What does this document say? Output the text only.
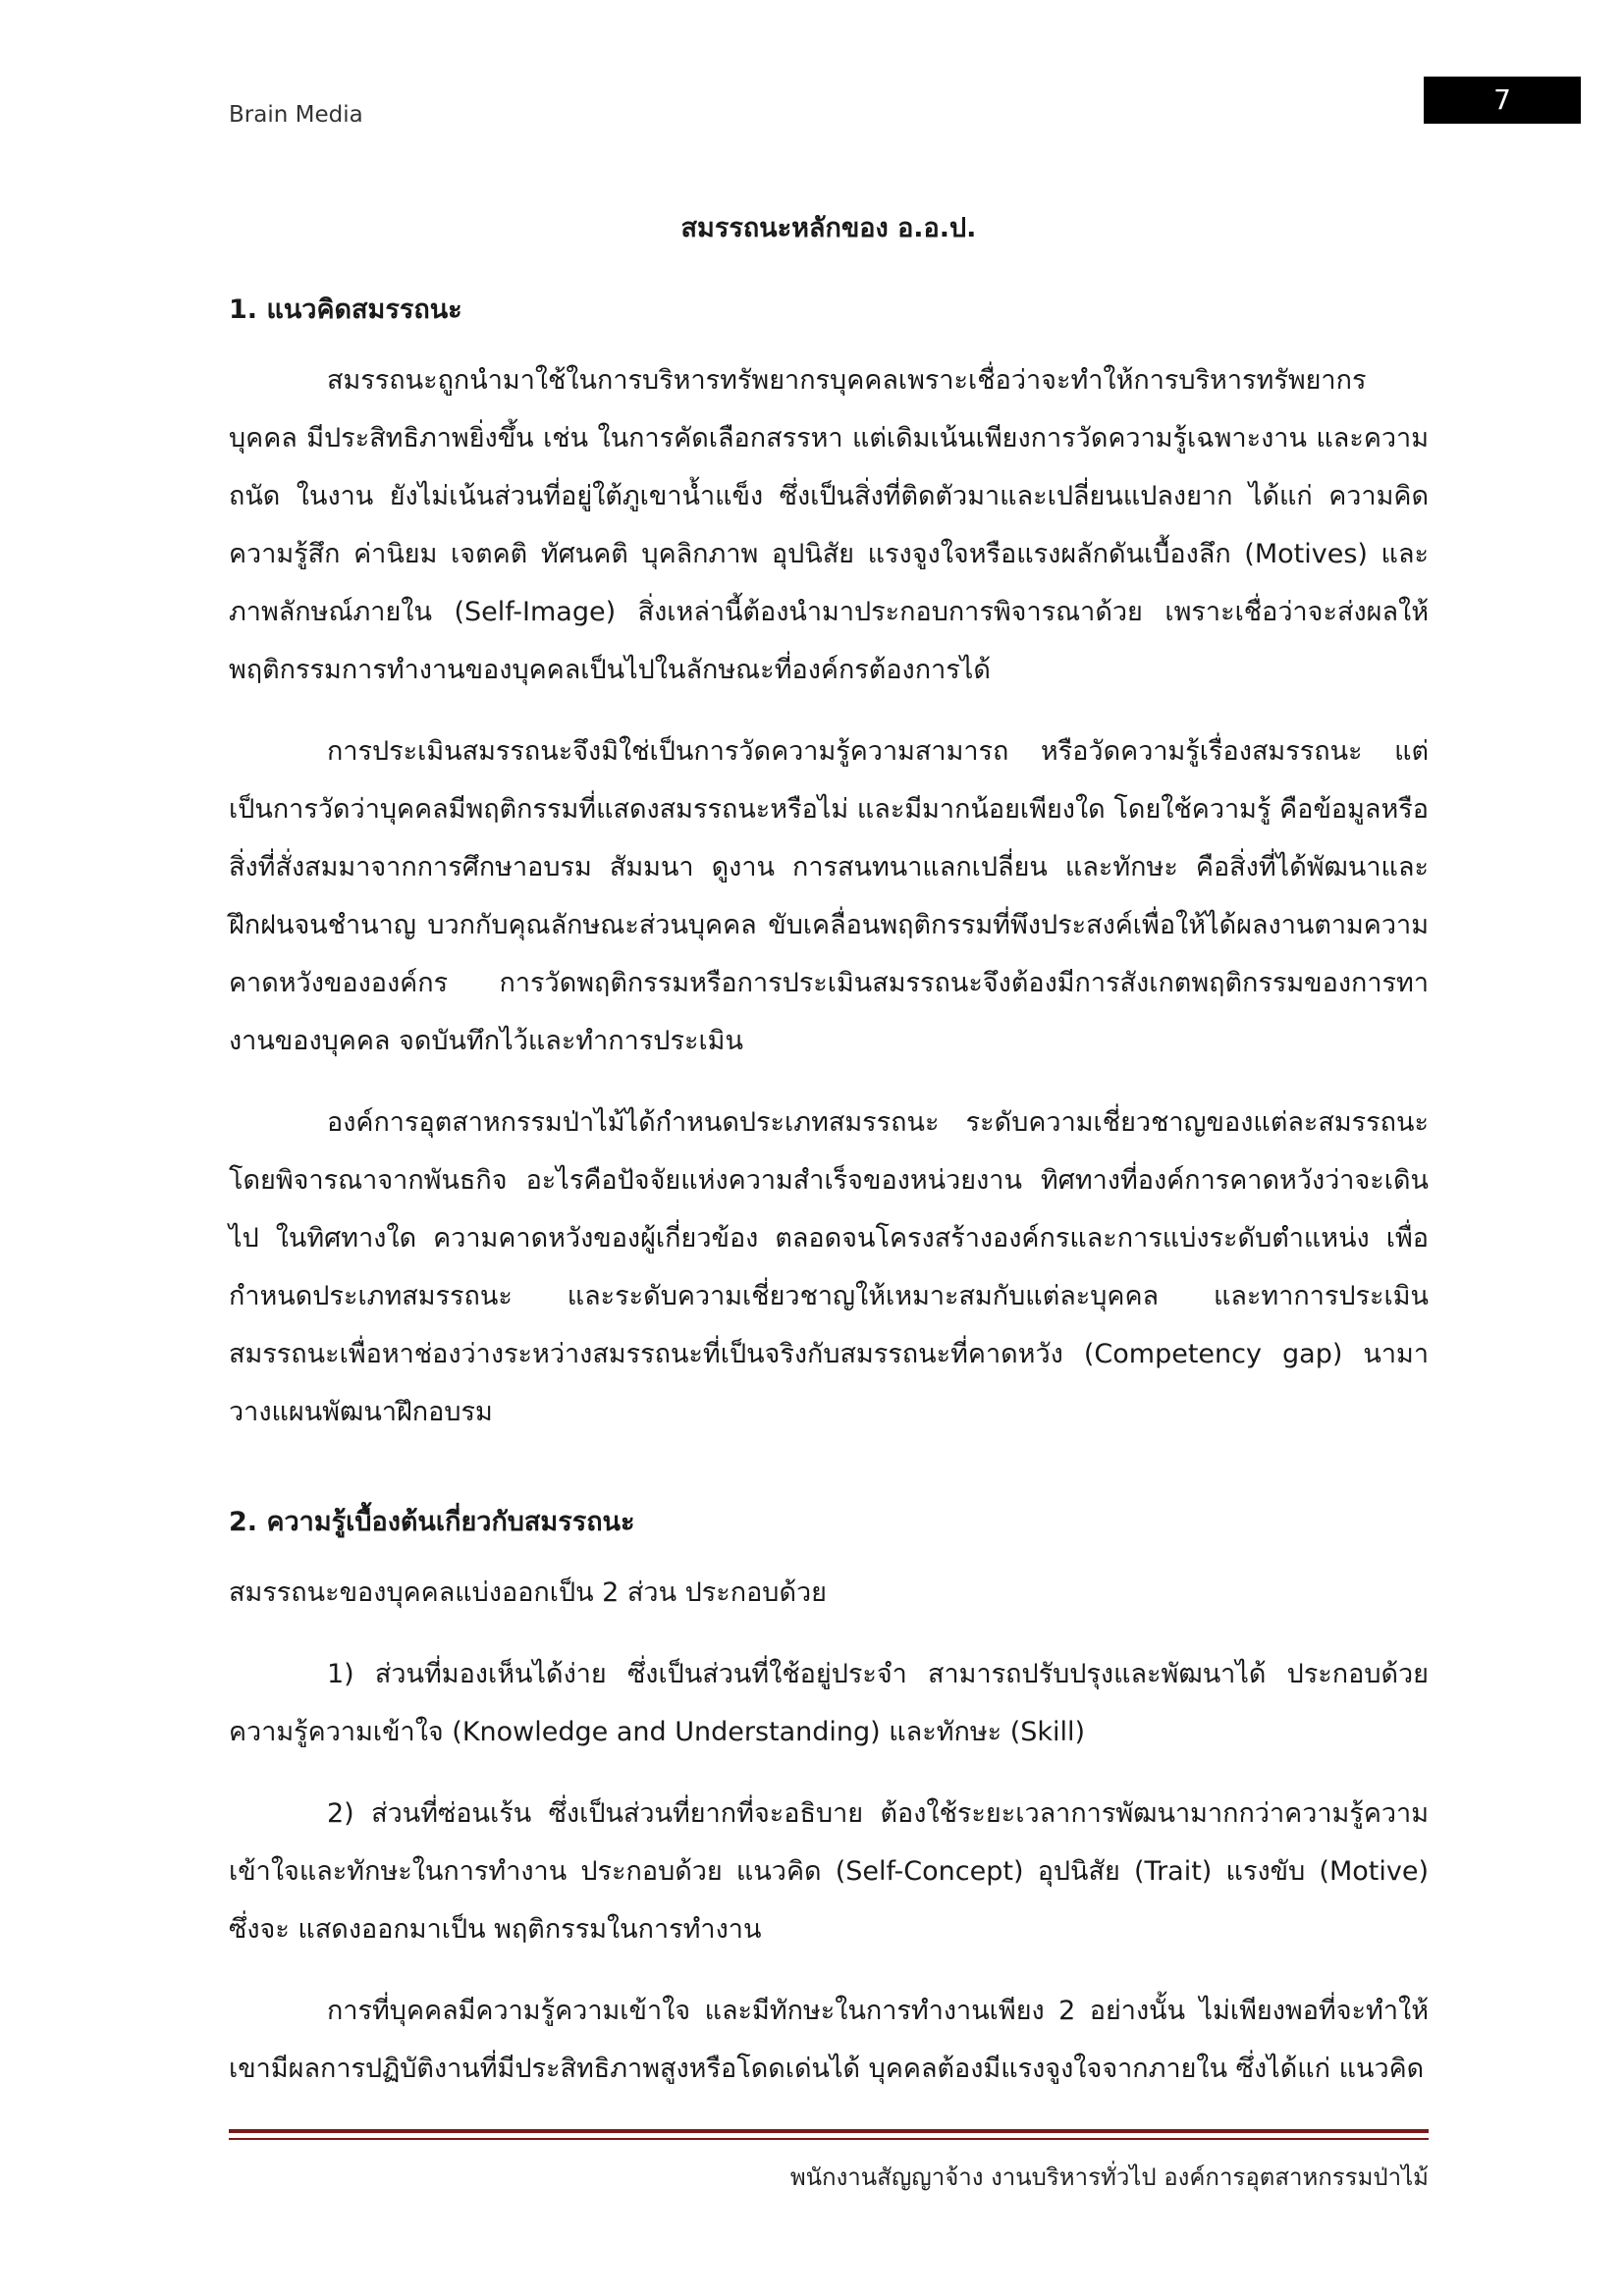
Brain Media	7
สมรรถนะหลักของ อ.อ.ป.
1. แนวคิดสมรรถนะ

สมรรถนะถูกนำมาใช้ในการบริหารทรัพยากรบุคคลเพราะเชื่อว่าจะทำให้การบริหารทรัพยากรบุคคล มีประสิทธิภาพยิ่งขึ้น เช่น ในการคัดเลือกสรรหา แต่เดิมเน้นเพียงการวัดความรู้เฉพาะงาน และความถนัด ในงาน ยังไม่เน้นส่วนที่อยู่ใต้ภูเขาน้ำแข็ง ซึ่งเป็นสิ่งที่ติดตัวมาและเปลี่ยนแปลงยาก ได้แก่ ความคิด ความรู้สึก ค่านิยม เจตคติ ทัศนคติ บุคลิกภาพ อุปนิสัย แรงจูงใจหรือแรงผลักดันเบื้องลึก (Motives) และภาพลักษณ์ภายใน (Self-Image) สิ่งเหล่านี้ต้องนำมาประกอบการพิจารณาด้วย เพราะเชื่อว่าจะส่งผลให้พฤติกรรมการทำงานของบุคคลเป็นไปในลักษณะที่องค์กรต้องการได้

การประเมินสมรรถนะจึงมิใช่เป็นการวัดความรู้ความสามารถ หรือวัดความรู้เรื่องสมรรถนะ แต่เป็นการวัดว่าบุคคลมีพฤติกรรมที่แสดงสมรรถนะหรือไม่ และมีมากน้อยเพียงใด โดยใช้ความรู้ คือข้อมูลหรือสิ่งที่สั่งสมมาจากการศึกษาอบรม สัมมนา ดูงาน การสนทนาแลกเปลี่ยน และทักษะ คือสิ่งที่ได้พัฒนาและฝึกฝนจนชำนาญ บวกกับคุณลักษณะส่วนบุคคล ขับเคลื่อนพฤติกรรมที่พึงประสงค์เพื่อให้ได้ผลงานตามความคาดหวังขององค์กร การวัดพฤติกรรมหรือการประเมินสมรรถนะจึงต้องมีการสังเกตพฤติกรรมของการทางานของบุคคล จดบันทึกไว้และทำการประเมิน

องค์การอุตสาหกรรมป่าไม้ได้กำหนดประเภทสมรรถนะ ระดับความเชี่ยวชาญของแต่ละสมรรถนะ โดยพิจารณาจากพันธกิจ อะไรคือปัจจัยแห่งความสำเร็จของหน่วยงาน ทิศทางที่องค์การคาดหวังว่าจะเดินไป ในทิศทางใด ความคาดหวังของผู้เกี่ยวข้อง ตลอดจนโครงสร้างองค์กรและการแบ่งระดับตำแหน่ง เพื่อกำหนดประเภทสมรรถนะ และระดับความเชี่ยวชาญให้เหมาะสมกับแต่ละบุคคล และทาการประเมินสมรรถนะเพื่อหาช่องว่างระหว่างสมรรถนะที่เป็นจริงกับสมรรถนะที่คาดหวัง (Competency gap) นามาวางแผนพัฒนาฝึกอบรม

2. ความรู้เบื้องต้นเกี่ยวกับสมรรถนะ

สมรรถนะของบุคคลแบ่งออกเป็น 2 ส่วน ประกอบด้วย

1) ส่วนที่มองเห็นได้ง่าย ซึ่งเป็นส่วนที่ใช้อยู่ประจำ สามารถปรับปรุงและพัฒนาได้ ประกอบด้วยความรู้ความเข้าใจ (Knowledge and Understanding) และทักษะ (Skill)

2) ส่วนที่ซ่อนเร้น ซึ่งเป็นส่วนที่ยากที่จะอธิบาย ต้องใช้ระยะเวลาการพัฒนามากกว่าความรู้ความเข้าใจและทักษะในการทำงาน ประกอบด้วย แนวคิด (Self-Concept) อุปนิสัย (Trait) แรงขับ (Motive) ซึ่งจะ แสดงออกมาเป็น พฤติกรรมในการทำงาน

การที่บุคคลมีความรู้ความเข้าใจ และมีทักษะในการทำงานเพียง 2 อย่างนั้น ไม่เพียงพอที่จะทำให้เขามีผลการปฏิบัติงานที่มีประสิทธิภาพสูงหรือโดดเด่นได้ บุคคลต้องมีแรงจูงใจจากภายใน ซึ่งได้แก่ แนวคิด

พนักงานสัญญาจ้าง งานบริหารทั่วไป องค์การอุตสาหกรรมป่าไม้
